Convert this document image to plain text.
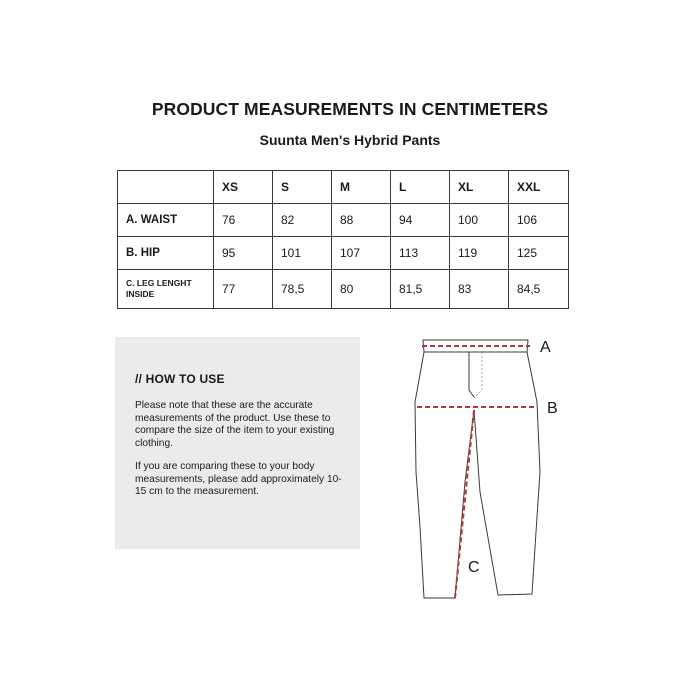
PRODUCT MEASUREMENTS IN CENTIMETERS
Suunta Men's Hybrid Pants
	XS	S	M	L	XL	XXL
A. WAIST	76	82	88	94	100	106
B. HIP	95	101	107	113	119	125
C. LEG LENGHT INSIDE	77	78,5	80	81,5	83	84,5
// HOW TO USE

Please note that these are the accurate measurements of the product. Use these to compare the size of the item to your existing clothing.

If you are comparing these to your body measurements, please add approximately 10-15 cm to the measurement.

A
B
C
